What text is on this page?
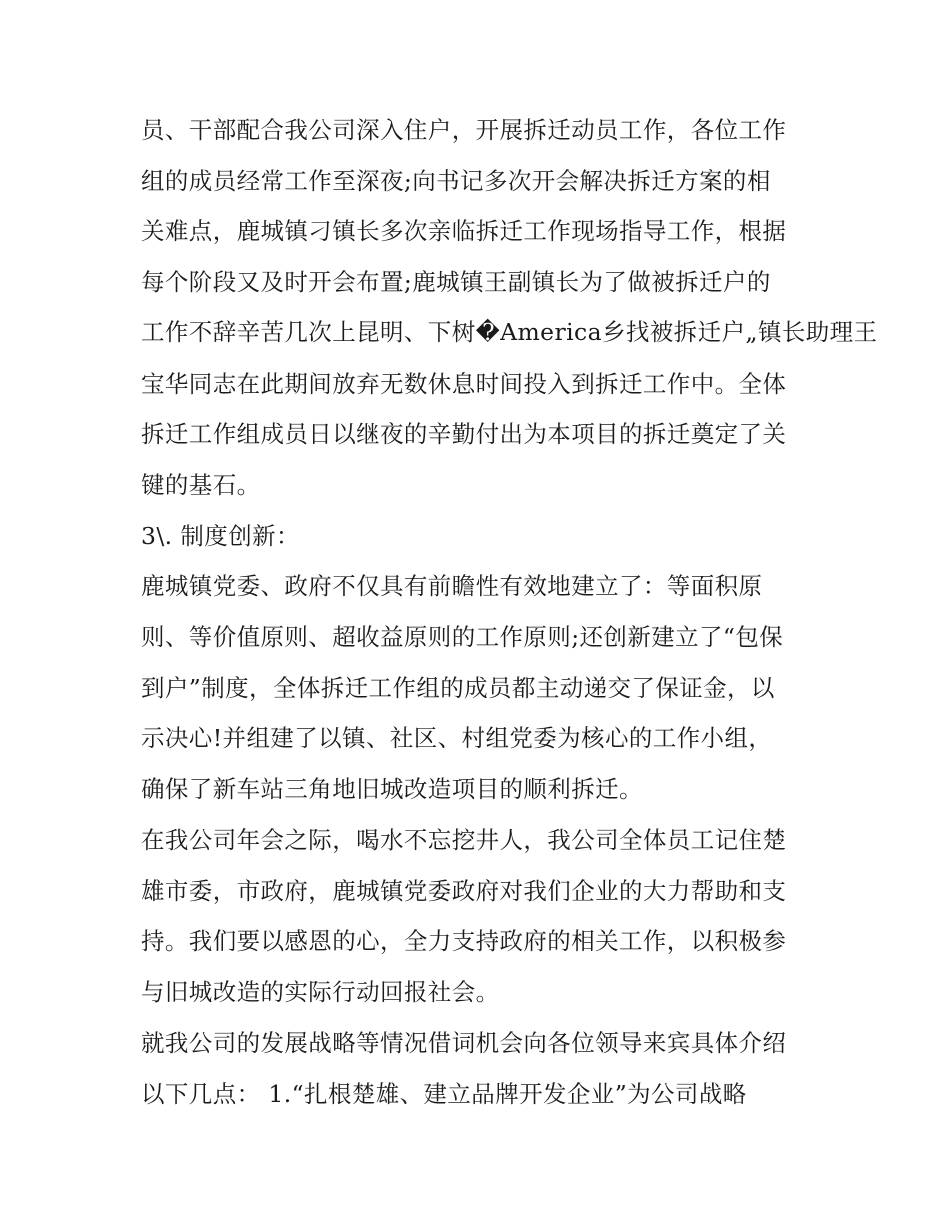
员、干部配合我公司深入住户，开展拆迁动员工作，各位工作
组的成员经常工作至深夜;向书记多次开会解决拆迁方案的相
关难点，鹿城镇刁镇长多次亲临拆迁工作现场指导工作，根据
每个阶段又及时开会布置;鹿城镇王副镇长为了做被拆迁户的
工作不辞辛苦几次上昆明、下树�America乡找被拆迁户„镇长助理王
宝华同志在此期间放弃无数休息时间投入到拆迁工作中。全体
拆迁工作组成员日以继夜的辛勤付出为本项目的拆迁奠定了关
键的基石。
3\. 制度创新：
鹿城镇党委、政府不仅具有前瞻性有效地建立了：等面积原
则、等价值原则、超收益原则的工作原则;还创新建立了“包保
到户”制度，全体拆迁工作组的成员都主动递交了保证金，以
示决心!并组建了以镇、社区、村组党委为核心的工作小组，
确保了新车站三角地旧城改造项目的顺利拆迁。
在我公司年会之际，喝水不忘挖井人，我公司全体员工记住楚
雄市委，市政府，鹿城镇党委政府对我们企业的大力帮助和支
持。我们要以感恩的心，全力支持政府的相关工作，以积极参
与旧城改造的实际行动回报社会。
就我公司的发展战略等情况借词机会向各位领导来宾具体介绍
以下几点： 1.“扎根楚雄、建立品牌开发企业”为公司战略
